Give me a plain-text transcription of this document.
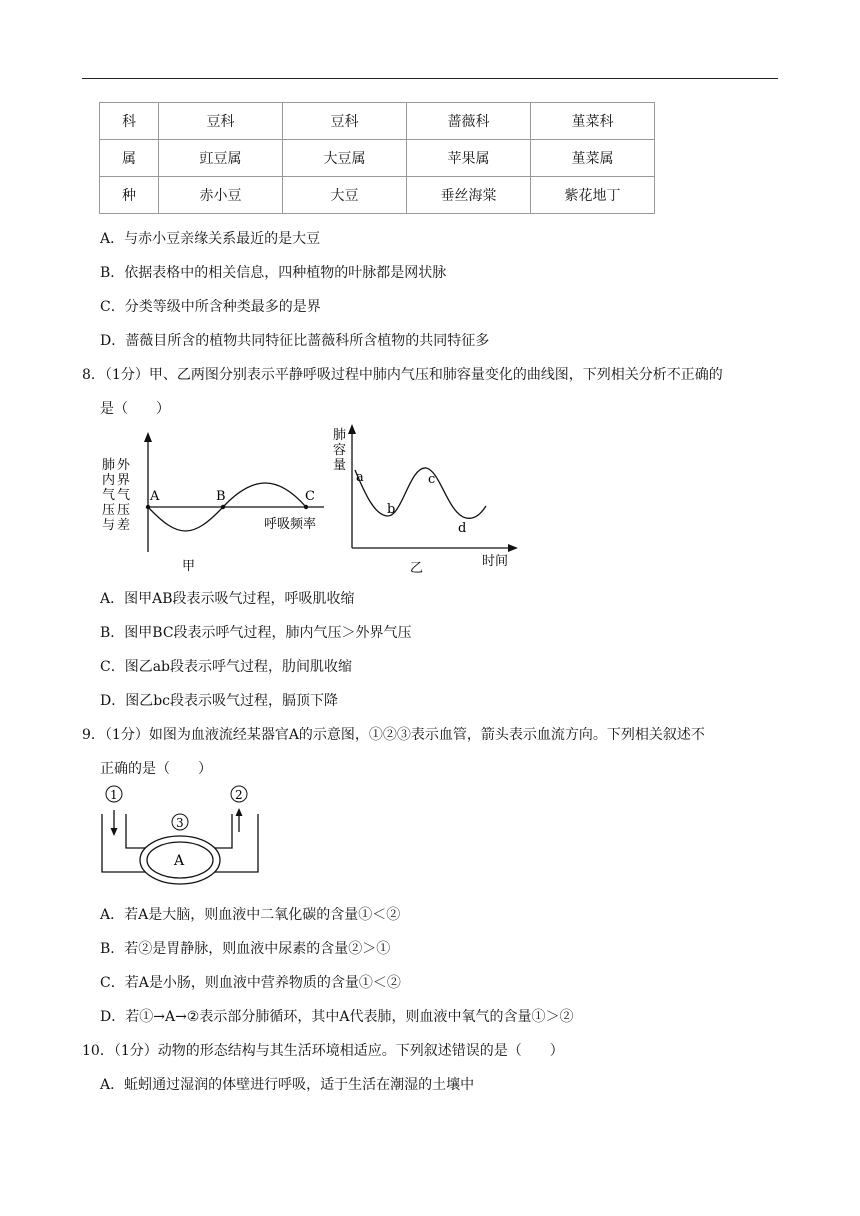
科	豆科	豆科	蔷薇科	堇菜科
属	豇豆属	大豆属	苹果属	堇菜属
种	赤小豆	大豆	垂丝海棠	紫花地丁
A．与赤小豆亲缘关系最近的是大豆
B．依据表格中的相关信息，四种植物的叶脉都是网状脉
C．分类等级中所含种类最多的是界
D．蔷薇目所含的植物共同特征比蔷薇科所含植物的共同特征多
8．（1分）甲、乙两图分别表示平静呼吸过程中肺内气压和肺容量变化的曲线图，下列相关分析不正确的
是（　　）
A	B	C
肺
内
气
压
与
外
界
气
压
差	呼吸频率
甲
肺
容
量
a
b
c
d
时间
乙
A．图甲AB段表示吸气过程，呼吸肌收缩
B．图甲BC段表示呼气过程，肺内气压＞外界气压
C．图乙ab段表示呼气过程，肋间肌收缩
D．图乙bc段表示吸气过程，膈顶下降
9．（1分）如图为血液流经某器官A的示意图，①②③表示血管，箭头表示血流方向。下列相关叙述不
正确的是（　　）
A
1	2
3
A．若A是大脑，则血液中二氧化碳的含量①＜②
B．若②是胃静脉，则血液中尿素的含量②＞①
C．若A是小肠，则血液中营养物质的含量①＜②
D．若①→A→②表示部分肺循环，其中A代表肺，则血液中氧气的含量①＞②
10．（1分）动物的形态结构与其生活环境相适应。下列叙述错误的是（　　）
A．蚯蚓通过湿润的体壁进行呼吸，适于生活在潮湿的土壤中
